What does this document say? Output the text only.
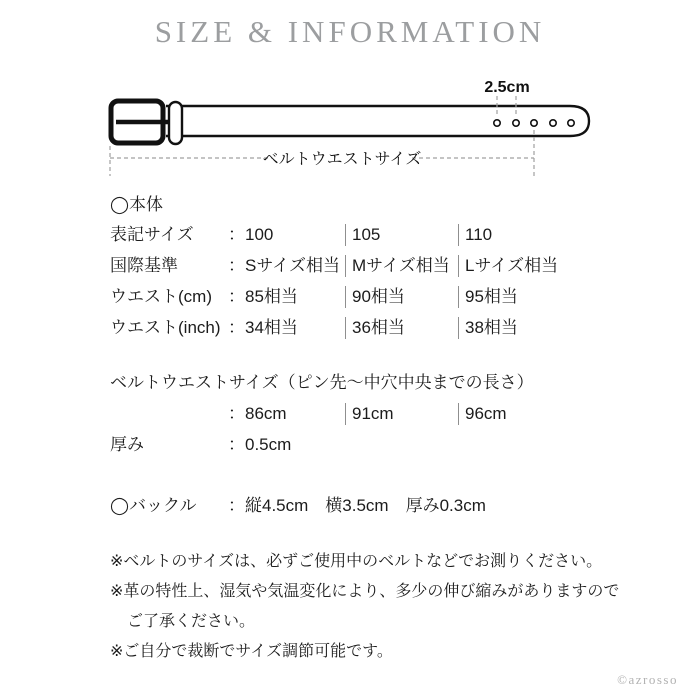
SIZE & INFORMATION
2.5cm
ベルトウエストサイズ
◯本体
表記サイズ	：100	105	110
国際基準	：Sサイズ相当 Mサイズ相当 Lサイズ相当
ウエスト(cm) ：85相当	90相当	95相当
ウエスト(inch) ：34相当	36相当	38相当
ベルトウエストサイズ（ピン先〜中穴中央までの長さ）
：86cm	91cm	96cm
厚み	：0.5cm
◯バックル	：縦4.5cm　横3.5cm　厚み0.3cm
※ベルトのサイズは、必ずご使用中のベルトなどでお測りください。
※革の特性上、湿気や気温変化により、多少の伸び縮みがありますので
ご了承ください。
※ご自分で裁断でサイズ調節可能です。
©azrosso
